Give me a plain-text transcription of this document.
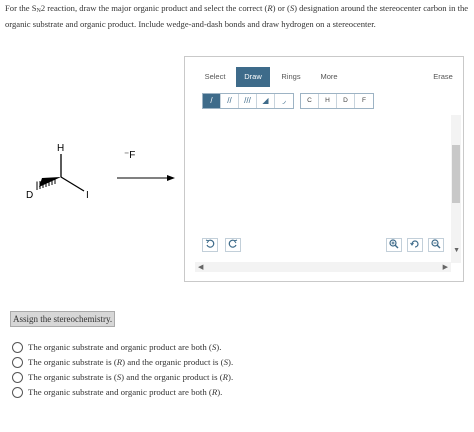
For the $S_N2$ reaction, draw the major organic product and select the correct (R) or (S) designation around the stereocenter carbon in the organic substrate and organic product. Include wedge-and-dash bonds and draw hydrogen on a stereocenter.
H
D	I
⁻F
Select	Draw	Rings	More	Erase
/	//	///	◢	◞	C	H	D	F
▼
◀	▶
Assign the stereochemistry.
The organic substrate and organic product are both (S).
The organic substrate is (R) and the organic product is (S).
The organic substrate is (S) and the organic product is (R).
The organic substrate and organic product are both (R).
